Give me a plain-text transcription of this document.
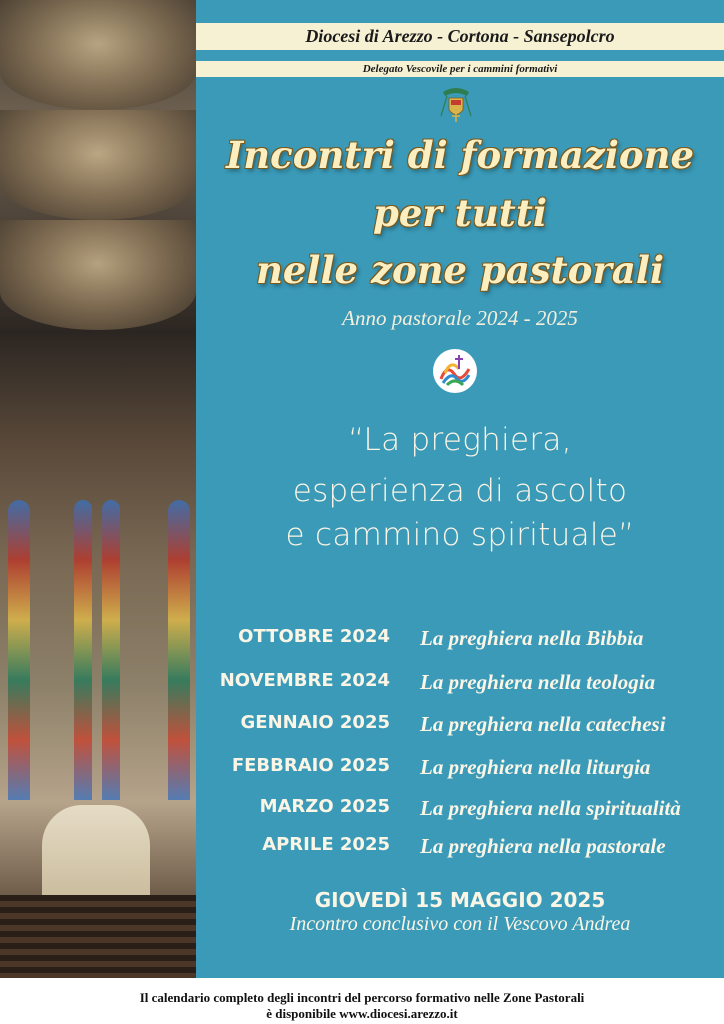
Diocesi di Arezzo - Cortona - Sansepolcro
Delegato Vescovile per i cammini formativi
Incontri di formazione
per tutti
nelle zone pastorali
Anno pastorale 2024 - 2025
“La preghiera,
esperienza di ascolto
e cammino spirituale”
OTTOBRE 2024 La preghiera nella Bibbia
NOVEMBRE 2024 La preghiera nella teologia
GENNAIO 2025 La preghiera nella catechesi
FEBBRAIO 2025 La preghiera nella liturgia
MARZO 2025 La preghiera nella spiritualità
APRILE 2025 La preghiera nella pastorale
GIOVEDÌ 15 MAGGIO 2025
Incontro conclusivo con il Vescovo Andrea
Il calendario completo degli incontri del percorso formativo nelle Zone Pastorali
è disponibile www.diocesi.arezzo.it
